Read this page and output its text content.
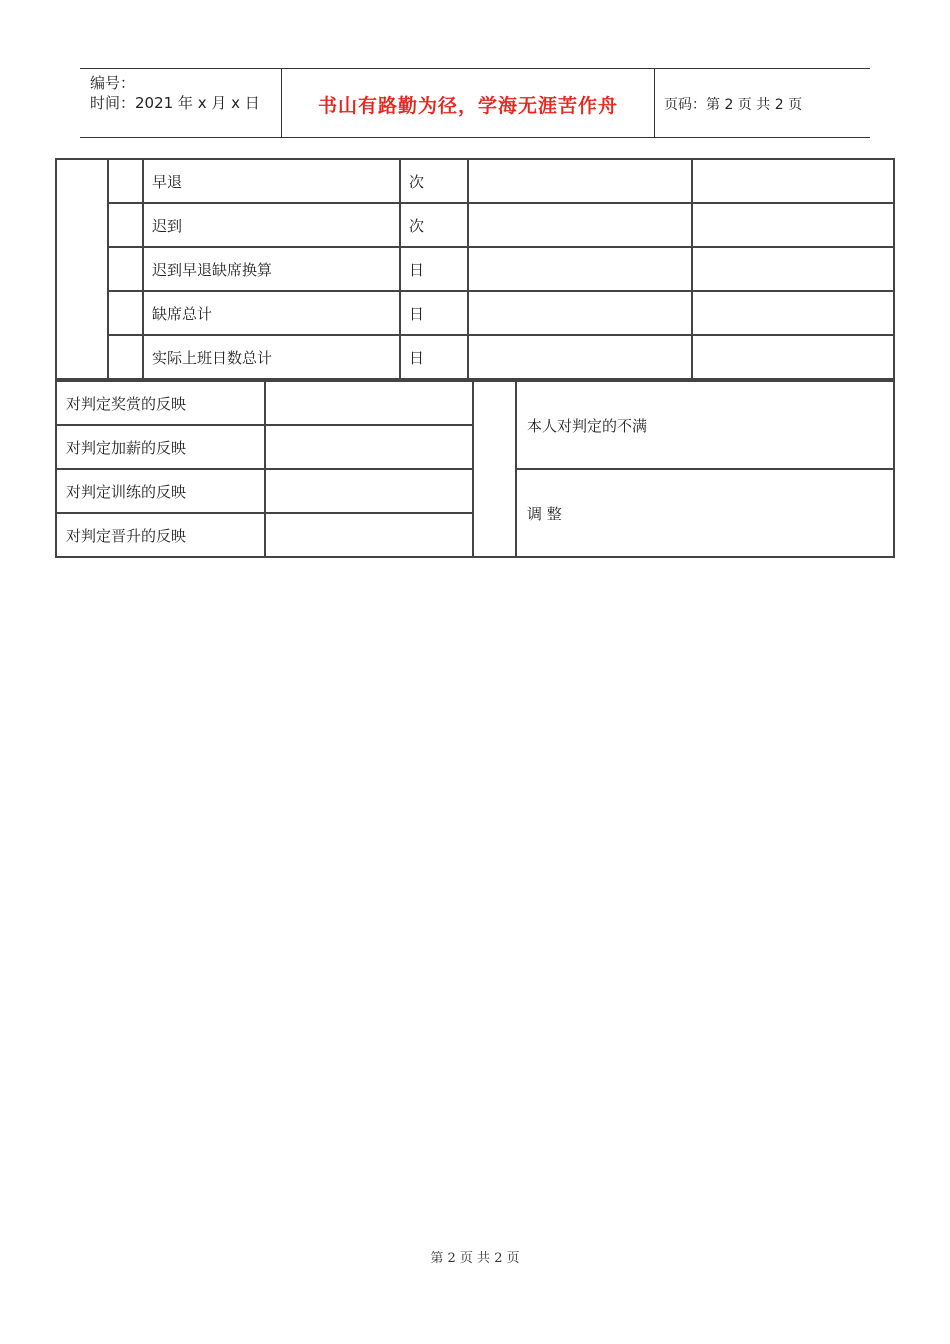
编号：
时间：2021 年 x 月 x 日	书山有路勤为径，学海无涯苦作舟	页码：第 2 页 共 2 页
		早退	次		
		迟到	次		
		迟到早退缺席换算	日		
		缺席总计	日		
		实际上班日数总计	日		
对判定奖赏的反映			本人对判定的不满
对判定加薪的反映			
对判定训练的反映			调 整
对判定晋升的反映			
第 2 页 共 2 页
